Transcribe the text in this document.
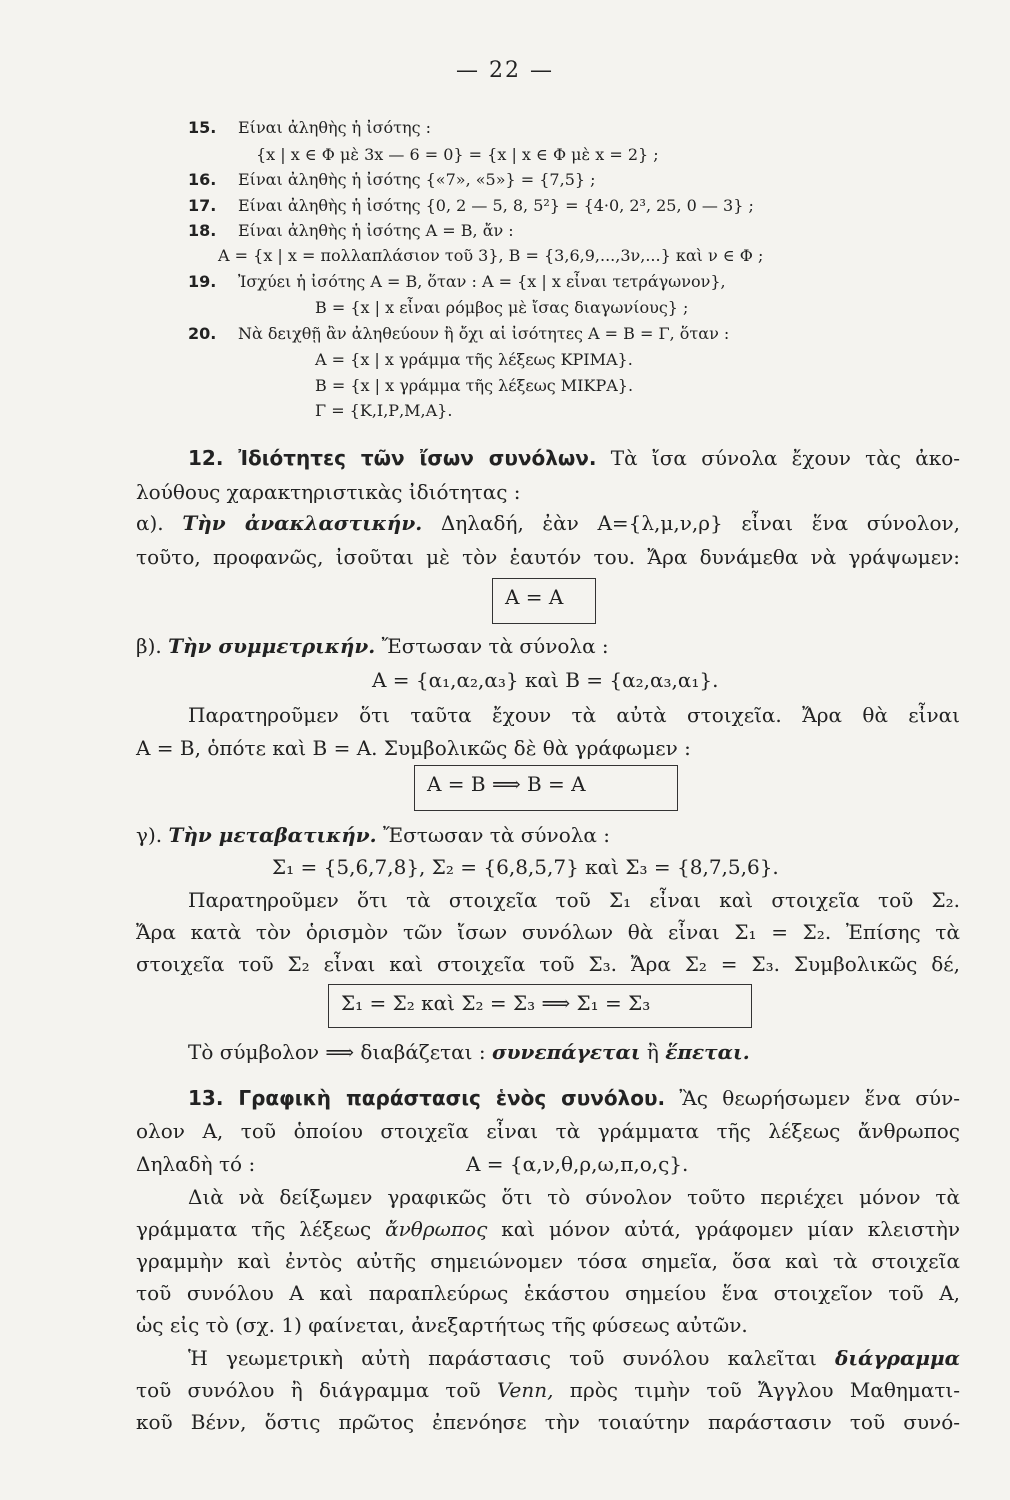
— 22 —
15. Είναι ἀληθὴς ἡ ἰσότης :
{x | x ∈ Φ μὲ 3x — 6 = 0} = {x | x ∈ Φ μὲ x = 2} ;
16. Είναι ἀληθὴς ἡ ἰσότης {«7», «5»} = {7,5} ;
17. Είναι ἀληθὴς ἡ ἰσότης {0, 2 — 5, 8, 5²} = {4·0, 2³, 25, 0 — 3} ;
18. Είναι ἀληθὴς ἡ ἰσότης A = B, ἄν :
A = {x | x = πολλαπλάσιον τοῦ 3}, B = {3,6,9,...,3ν,...} καὶ ν ∈ Φ ;
19. Ἰσχύει ἡ ἰσότης A = B, ὅταν : A = {x | x εἶναι τετράγωνον},
B = {x | x εἶναι ρόμβος μὲ ἴσας διαγωνίους} ;
20. Νὰ δειχθῇ ἂν ἀληθεύουν ἢ ὄχι αἱ ἰσότητες A = B = Γ, ὅταν :
A = {x | x γράμμα τῆς λέξεως ΚΡΙΜΑ}.
B = {x | x γράμμα τῆς λέξεως ΜΙΚΡΑ}.
Γ = {Κ,Ι,Ρ,Μ,Α}.
12. Ἰδιότητες τῶν ἴσων συνόλων. Τὰ ἴσα σύνολα ἔχουν τὰς ἀκο-
λούθους χαρακτηριστικὰς ἰδιότητας :
α). Τὴν ἀνακλαστικήν. Δηλαδή, ἐὰν A={λ,μ,ν,ρ} εἶναι ἕνα σύνολον,
τοῦτο, προφανῶς, ἰσοῦται μὲ τὸν ἑαυτόν του. Ἄρα δυνάμεθα νὰ γράψωμεν:
A = A
β). Τὴν συμμετρικήν. Ἔστωσαν τὰ σύνολα :
A = {α₁,α₂,α₃} καὶ B = {α₂,α₃,α₁}.
Παρατηροῦμεν ὅτι ταῦτα ἔχουν τὰ αὐτὰ στοιχεῖα. Ἄρα θὰ εἶναι
A = B, ὁπότε καὶ B = A. Συμβολικῶς δὲ θὰ γράφωμεν :
A = B ⟹ B = A
γ). Τὴν μεταβατικήν. Ἔστωσαν τὰ σύνολα :
Σ₁ = {5,6,7,8}, Σ₂ = {6,8,5,7} καὶ Σ₃ = {8,7,5,6}.
Παρατηροῦμεν ὅτι τὰ στοιχεῖα τοῦ Σ₁ εἶναι καὶ στοιχεῖα τοῦ Σ₂.
Ἄρα κατὰ τὸν ὁρισμὸν τῶν ἴσων συνόλων θὰ εἶναι Σ₁ = Σ₂. Ἐπίσης τὰ
στοιχεῖα τοῦ Σ₂ εἶναι καὶ στοιχεῖα τοῦ Σ₃. Ἄρα Σ₂ = Σ₃. Συμβολικῶς δέ,
Σ₁ = Σ₂ καὶ Σ₂ = Σ₃ ⟹ Σ₁ = Σ₃
Τὸ σύμβολον ⟹ διαβάζεται : συνεπάγεται ἢ ἕπεται.
13. Γραφικὴ παράστασις ἑνὸς συνόλου. Ἂς θεωρήσωμεν ἕνα σύν-
ολον A, τοῦ ὁποίου στοιχεῖα εἶναι τὰ γράμματα τῆς λέξεως ἄνθρωπος
Δηλαδὴ τό :	A = {α,ν,θ,ρ,ω,π,ο,ς}.
Διὰ νὰ δείξωμεν γραφικῶς ὅτι τὸ σύνολον τοῦτο περιέχει μόνον τὰ
γράμματα τῆς λέξεως ἄνθρωπος καὶ μόνον αὐτά, γράφομεν μίαν κλειστὴν
γραμμὴν καὶ ἐντὸς αὐτῆς σημειώνομεν τόσα σημεῖα, ὅσα καὶ τὰ στοιχεῖα
τοῦ συνόλου A καὶ παραπλεύρως ἑκάστου σημείου ἕνα στοιχεῖον τοῦ A,
ὡς εἰς τὸ (σχ. 1) φαίνεται, ἀνεξαρτήτως τῆς φύσεως αὐτῶν.
Ἡ γεωμετρικὴ αὐτὴ παράστασις τοῦ συνόλου καλεῖται διάγραμμα
τοῦ συνόλου ἢ διάγραμμα τοῦ Venn, πρὸς τιμὴν τοῦ Ἄγγλου Μαθηματι-
κοῦ Βένν, ὅστις πρῶτος ἐπενόησε τὴν τοιαύτην παράστασιν τοῦ συνό-
